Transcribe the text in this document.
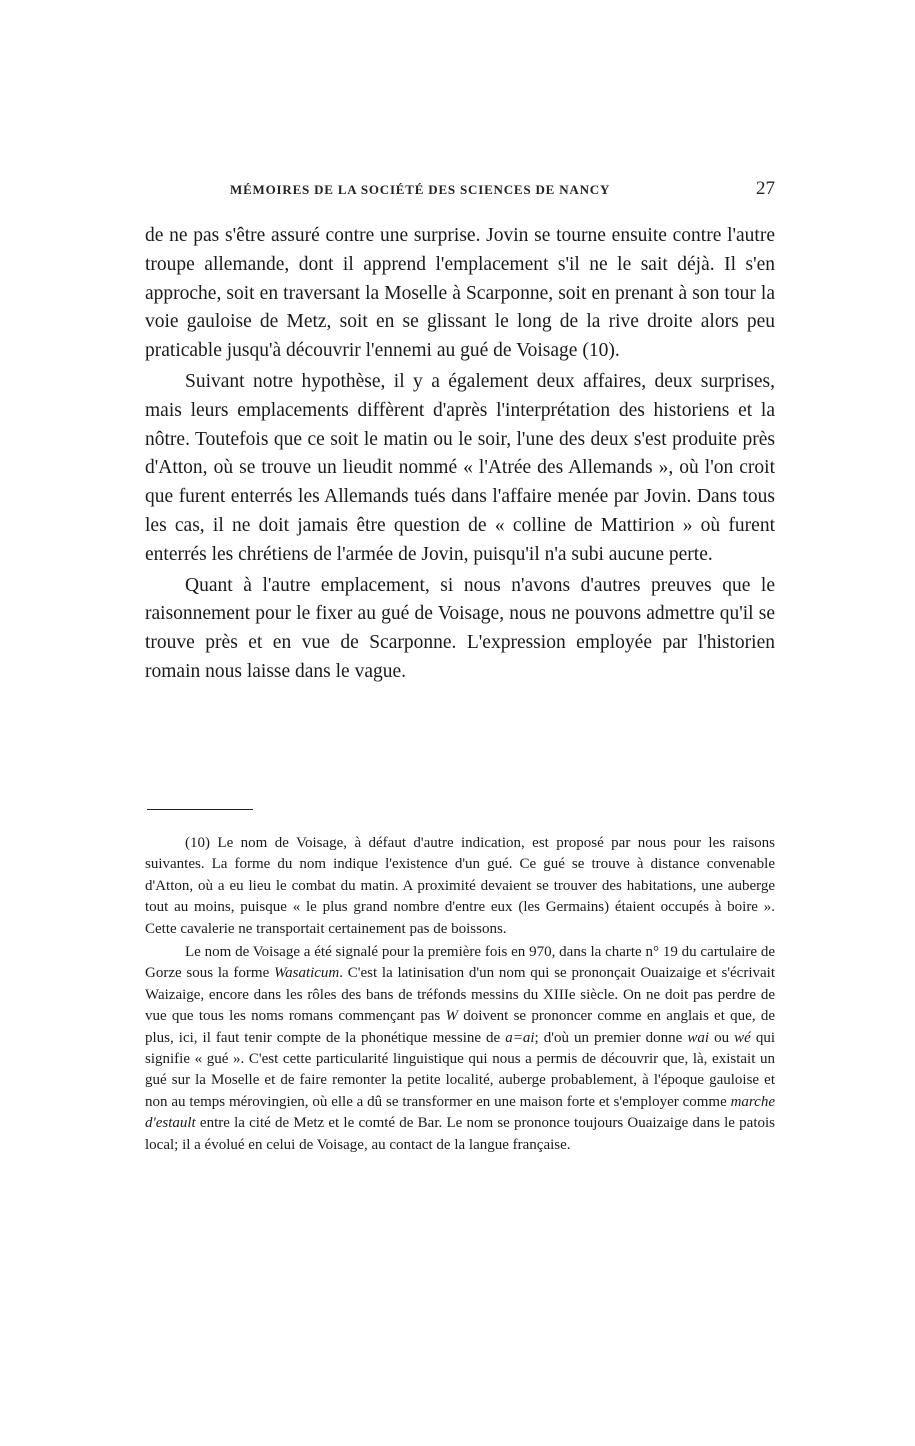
MÉMOIRES DE LA SOCIÉTÉ DES SCIENCES DE NANCY	27

de ne pas s'être assuré contre une surprise. Jovin se tourne ensuite contre l'autre troupe allemande, dont il apprend l'emplacement s'il ne le sait déjà. Il s'en approche, soit en traversant la Moselle à Scarponne, soit en prenant à son tour la voie gauloise de Metz, soit en se glissant le long de la rive droite alors peu praticable jusqu'à découvrir l'ennemi au gué de Voisage (10).

Suivant notre hypothèse, il y a également deux affaires, deux surprises, mais leurs emplacements diffèrent d'après l'interprétation des historiens et la nôtre. Toutefois que ce soit le matin ou le soir, l'une des deux s'est produite près d'Atton, où se trouve un lieudit nommé « l'Atrée des Allemands », où l'on croit que furent enterrés les Allemands tués dans l'affaire menée par Jovin. Dans tous les cas, il ne doit jamais être question de « colline de Mattirion » où furent enterrés les chrétiens de l'armée de Jovin, puisqu'il n'a subi aucune perte.

Quant à l'autre emplacement, si nous n'avons d'autres preuves que le raisonnement pour le fixer au gué de Voisage, nous ne pouvons admettre qu'il se trouve près et en vue de Scarponne. L'expression employée par l'historien romain nous laisse dans le vague.

(10) Le nom de Voisage, à défaut d'autre indication, est proposé par nous pour les raisons suivantes. La forme du nom indique l'existence d'un gué. Ce gué se trouve à distance convenable d'Atton, où a eu lieu le combat du matin. A proximité devaient se trouver des habitations, une auberge tout au moins, puisque « le plus grand nombre d'entre eux (les Germains) étaient occupés à boire ». Cette cavalerie ne transportait certainement pas de boissons.

Le nom de Voisage a été signalé pour la première fois en 970, dans la charte n° 19 du cartulaire de Gorze sous la forme Wasaticum. C'est la latinisation d'un nom qui se prononçait Ouaizaige et s'écrivait Waizaige, encore dans les rôles des bans de tréfonds messins du XIIIe siècle. On ne doit pas perdre de vue que tous les noms romans commençant pas W doivent se prononcer comme en anglais et que, de plus, ici, il faut tenir compte de la phonétique messine de a=ai; d'où un premier donne wai ou wé qui signifie « gué ». C'est cette particularité linguistique qui nous a permis de découvrir que, là, existait un gué sur la Moselle et de faire remonter la petite localité, auberge probablement, à l'époque gauloise et non au temps mérovingien, où elle a dû se transformer en une maison forte et s'employer comme marche d'estault entre la cité de Metz et le comté de Bar. Le nom se prononce toujours Ouaizaige dans le patois local; il a évolué en celui de Voisage, au contact de la langue française.
